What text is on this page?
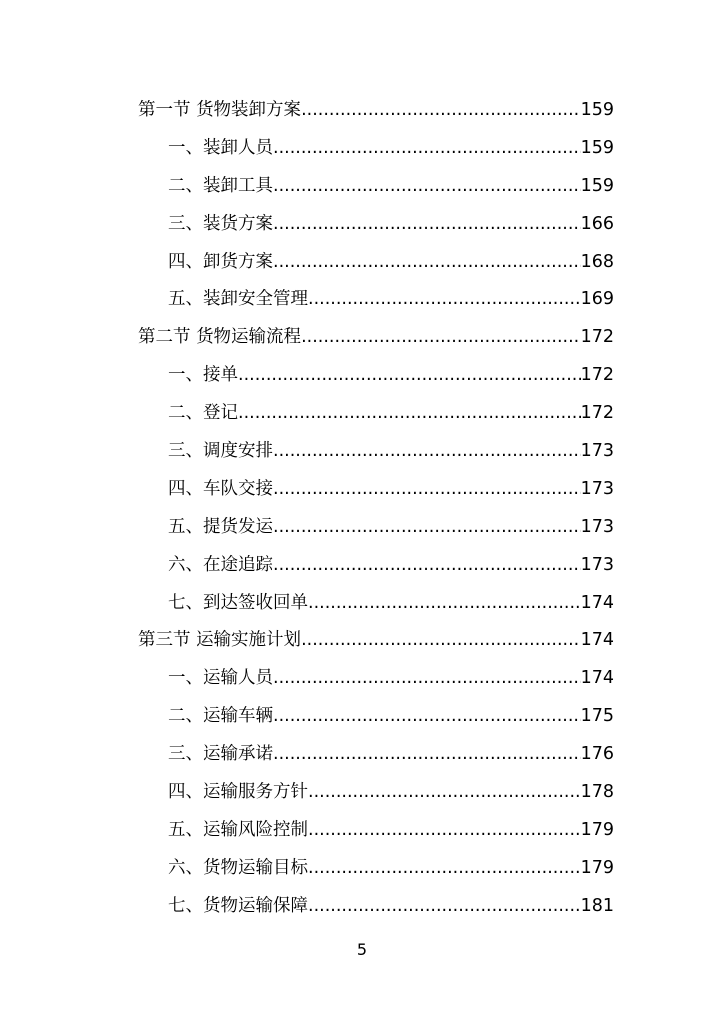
第一节 货物装卸方案 .....	159
一、装卸人员 .....	159
二、装卸工具 .....	159
三、装货方案 .....	166
四、卸货方案 .....	168
五、装卸安全管理 .....	169
第二节 货物运输流程 .....	172
一、接单 .....	172
二、登记 .....	172
三、调度安排 .....	173
四、车队交接 .....	173
五、提货发运 .....	173
六、在途追踪 .....	173
七、到达签收回单 .....	174
第三节 运输实施计划 .....	174
一、运输人员 .....	174
二、运输车辆 .....	175
三、运输承诺 .....	176
四、运输服务方针 .....	178
五、运输风险控制 .....	179
六、货物运输目标 .....	179
七、货物运输保障 .....	181
5
